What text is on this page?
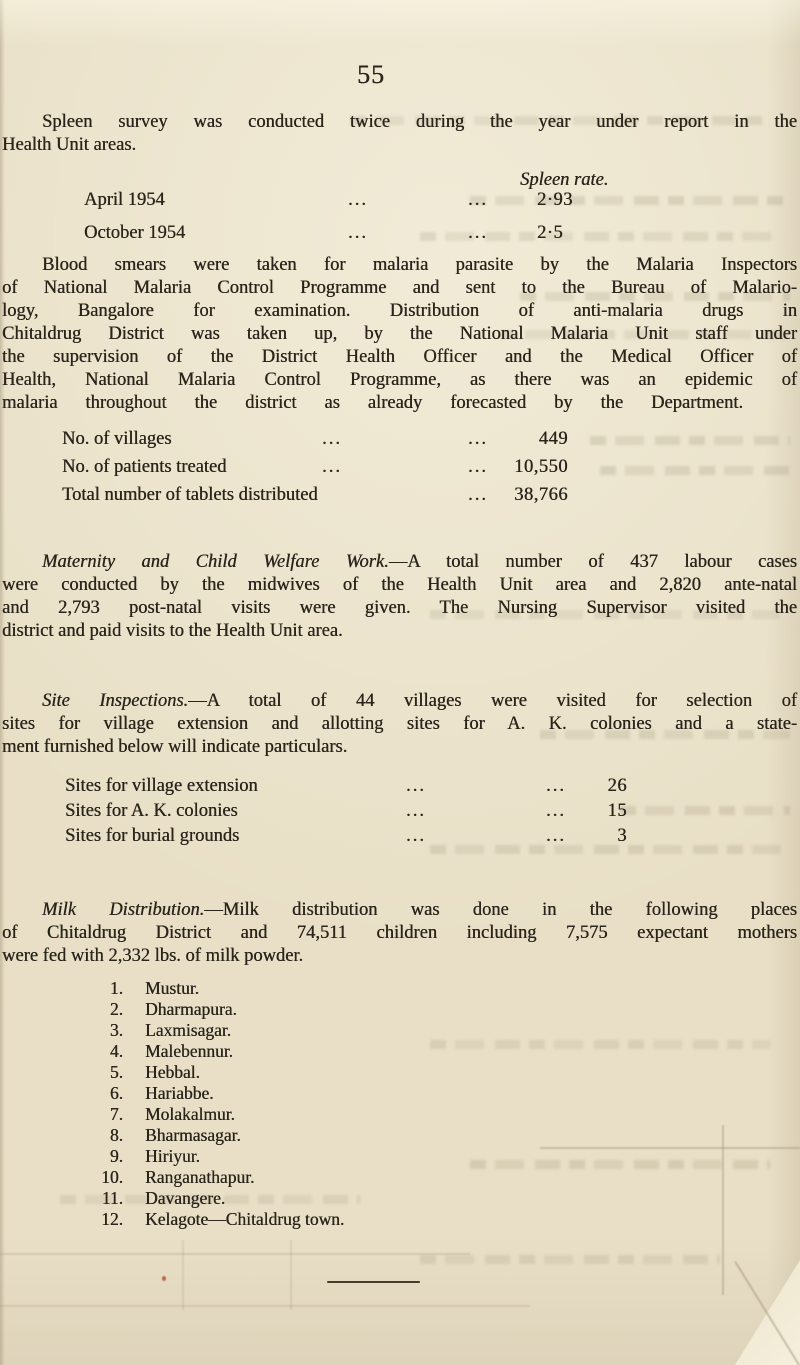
55
Spleen survey was conducted twice during the year under report in the
Health Unit areas.
Spleen rate.
April 1954	...	...	2·93
October 1954	...	...	2·5
Blood smears were taken for malaria parasite by the Malaria Inspectors
of National Malaria Control Programme and sent to the Bureau of Malario-
logy, Bangalore for examination. Distribution of anti-malaria drugs in
Chitaldrug District was taken up, by the National Malaria Unit staff under
the supervision of the District Health Officer and the Medical Officer of
Health, National Malaria Control Programme, as there was an epidemic of
malaria throughout the district as already forecasted by the Department.
No. of villages	...	...	449
No. of patients treated	...	... 10,550
Total number of tablets distributed	... 38,766
Maternity and Child Welfare Work.—A total number of 437 labour cases
were conducted by the midwives of the Health Unit area and 2,820 ante-natal
and 2,793 post-natal visits were given. The Nursing Supervisor visited the
district and paid visits to the Health Unit area.
Site Inspections.—A total of 44 villages were visited for selection of
sites for village extension and allotting sites for A. K. colonies and a state-
ment furnished below will indicate particulars.
Sites for village extension	...	... 26
Sites for A. K. colonies	...	... 15
Sites for burial grounds	...	...	3
Milk Distribution.—Milk distribution was done in the following places
of Chitaldrug District and 74,511 children including 7,575 expectant mothers
were fed with 2,332 lbs. of milk powder.
1. Mustur.
2. Dharmapura.
3. Laxmisagar.
4. Malebennur.
5. Hebbal.
6. Hariabbe.
7. Molakalmur.
8. Bharmasagar.
9. Hiriyur.
10. Ranganathapur.
11. Davangere.
12. Kelagote—Chitaldrug town.
